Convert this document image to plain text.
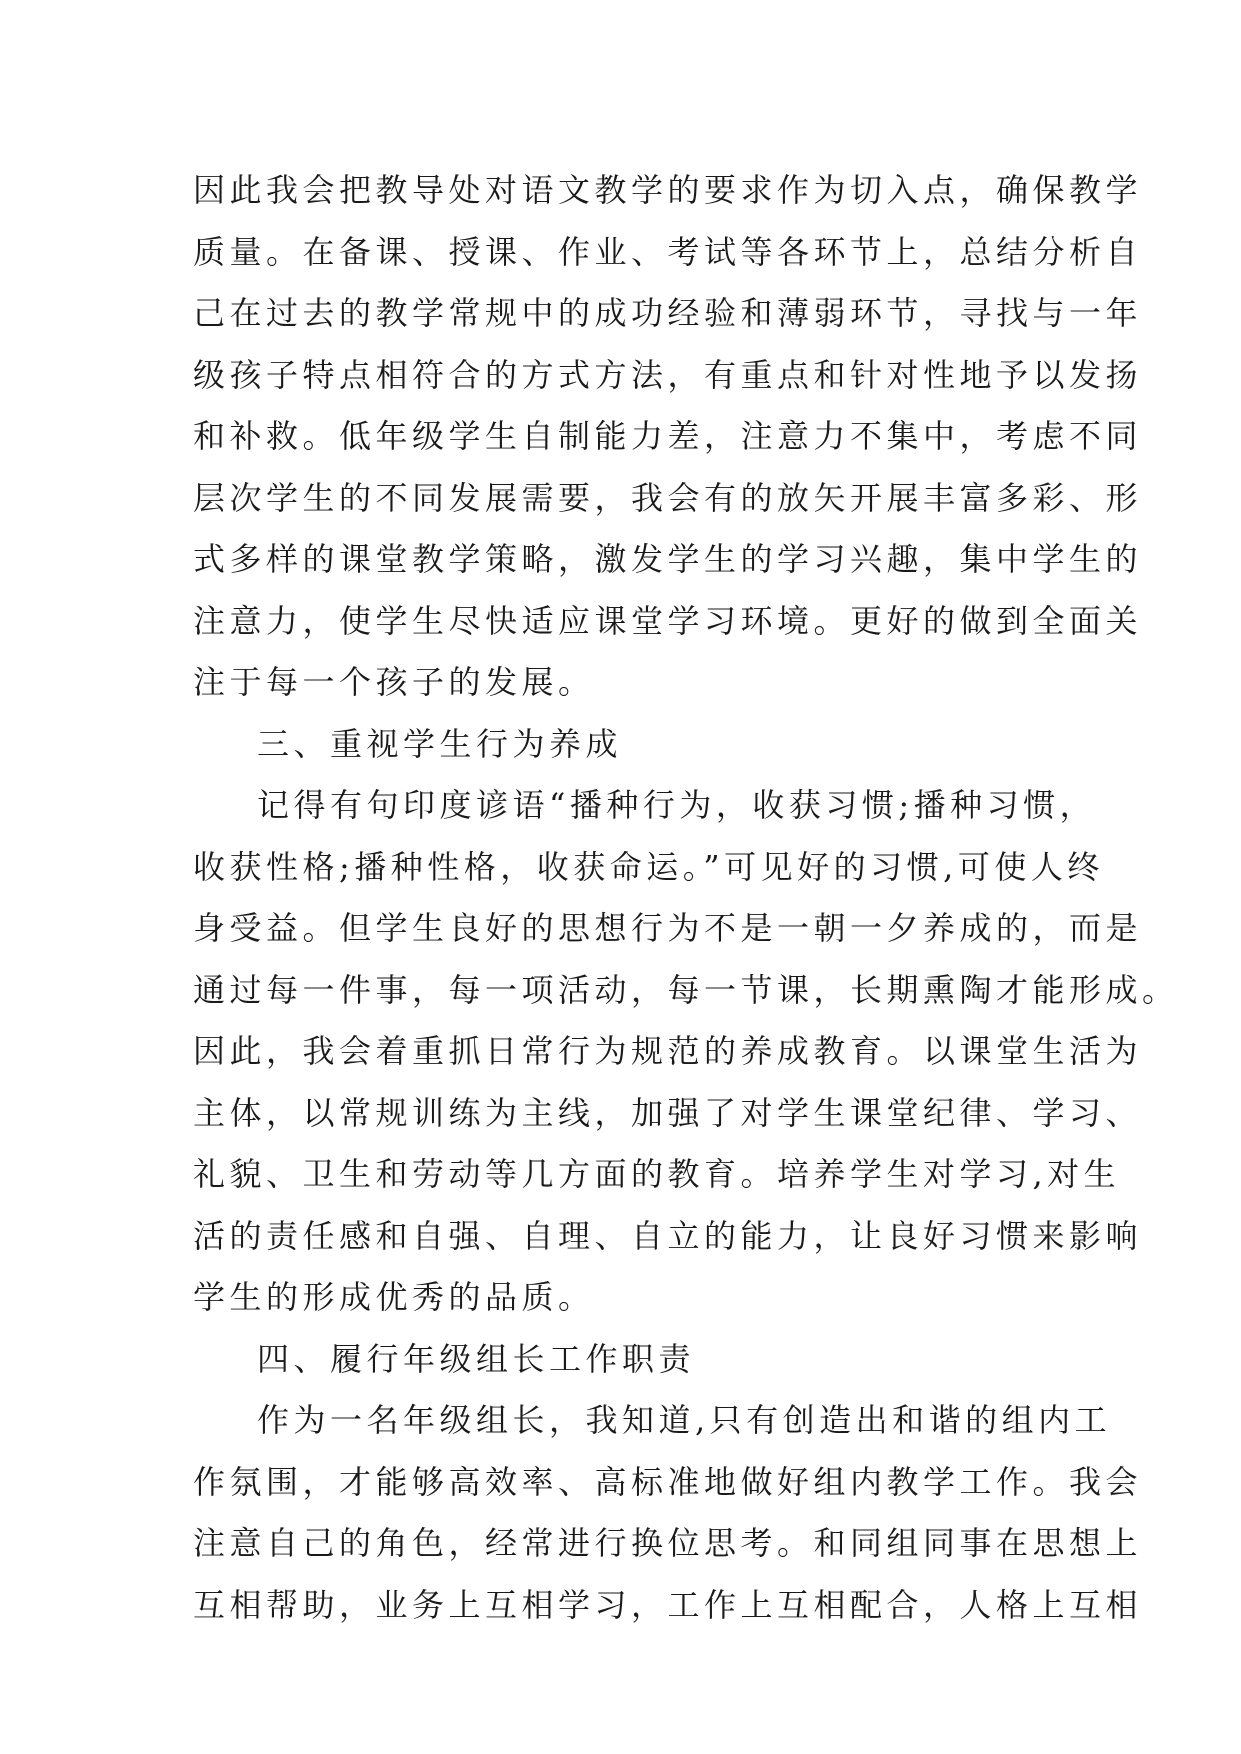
因此我会把教导处对语文教学的要求作为切入点，确保教学
质量。在备课、授课、作业、考试等各环节上，总结分析自
己在过去的教学常规中的成功经验和薄弱环节，寻找与一年
级孩子特点相符合的方式方法，有重点和针对性地予以发扬
和补救。低年级学生自制能力差，注意力不集中，考虑不同
层次学生的不同发展需要，我会有的放矢开展丰富多彩、形
式多样的课堂教学策略，激发学生的学习兴趣，集中学生的
注意力，使学生尽快适应课堂学习环境。更好的做到全面关
注于每一个孩子的发展。
三、重视学生行为养成
记得有句印度谚语“播种行为，收获习惯;播种习惯，
收获性格;播种性格，收获命运。”可见好的习惯,可使人终
身受益。但学生良好的思想行为不是一朝一夕养成的，而是
通过每一件事，每一项活动，每一节课，长期熏陶才能形成。
因此，我会着重抓日常行为规范的养成教育。以课堂生活为
主体，以常规训练为主线，加强了对学生课堂纪律、学习、
礼貌、卫生和劳动等几方面的教育。培养学生对学习,对生
活的责任感和自强、自理、自立的能力，让良好习惯来影响
学生的形成优秀的品质。
四、履行年级组长工作职责
作为一名年级组长，我知道,只有创造出和谐的组内工
作氛围，才能够高效率、高标准地做好组内教学工作。我会
注意自己的角色，经常进行换位思考。和同组同事在思想上
互相帮助，业务上互相学习，工作上互相配合，人格上互相
